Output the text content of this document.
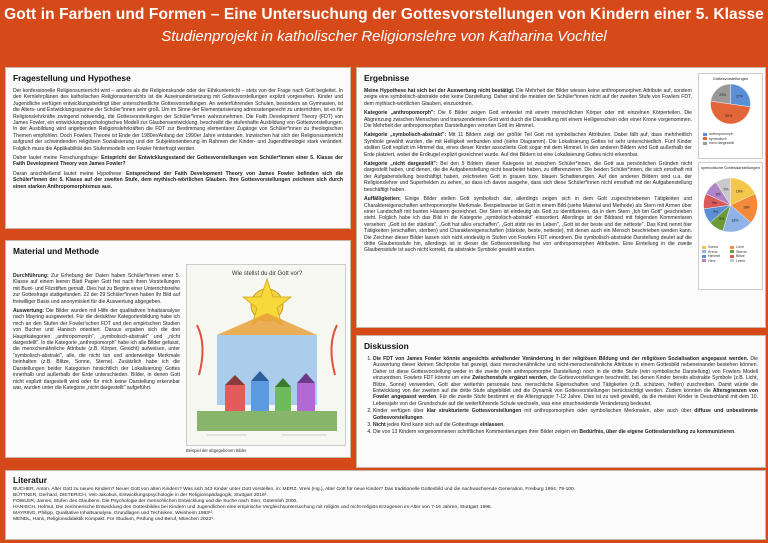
Gott in Farben und Formen – Eine Untersuchung der Gottesvorstellungen von Kindern einer 5. Klasse
Studienprojekt in katholischer Religionslehre von Katharina Vochtel
Fragestellung und Hypothese

Der konfessionelle Religionsunterricht wird – anders als die Religionskunde oder der Ethikunterricht – stets von der Frage nach Gott begleitet. In den Kernlehrplänen des katholischen Religionsunterrichts ist die Auseinandersetzung mit Gottesvorstellungen explizit vorgesehen. Kinder und Jugendliche verfügen entwicklungsbedingt über unterschiedliche Gottesvorstellungen. An weiterführenden Schulen, besonders an Gymnasien, ist die Alters- und Entwicklungsspanne der Schüler*innen sehr groß. Um im Sinne der Elementarisierung adressatengerecht zu unterrichten, ist es für Religionslehrkräfte zwingend notwendig, die Gottesvorstellungen der Schüler*innen wahrzunehmen. Die Faith Development Theory (FDT) von James Fowler, ein entwicklungspsychologisches Modell zur Glaubensentwicklung, beschreibt die stufenhafte Ausbildung von Gottesvorstellungen. In der Ausbildung wird angehenden Religionslehrkräften die FDT zur Bestimmung elementarer Zugänge von Schüler*innen zu theologischen Themen empfohlen. Doch Fowlers Theorie ist Ende der 1980er/Anfang der 1990er Jahre entstanden. Inzwischen hat sich der Religionsunterricht aufgrund der schwindenden religiösen Sozialisierung und der Subjektorientierung im Rahmen der Kinder- und Jugendtheologie stark verändert. Folglich muss die Applikabilität des Stufenmodells von Fowler hinterfragt werden.

Daher lautet meine Forschungsfrage: Entspricht der Entwicklungsstand der Gottesvorstellungen von Schüler*innen einer 5. Klasse der Faith Development Theory von James Fowler?

Daran anschließend lautet meine Hypothese: Entsprechend der Faith Development Theory von James Fowler befinden sich die Schüler*innen der 5. Klasse auf der zweiten Stufe, dem mythisch-wörtlichen Glauben. Ihre Gottesvorstellungen zeichnen sich durch einen starken Anthropomorphismus aus.

Material und Methode

Durchführung: Zur Erhebung der Daten haben Schüler*innen einer 5. Klasse auf einem leeren Blatt Papier Gott frei nach ihren Vorstellungen mit Bunt- und Filzstiften gemalt. Dies hat zu Beginn einer Unterrichtsreihe zur Gottesfrage stattgefunden. 22 der 29 Schüler*innen haben ihr Bild auf freiwilliger Basis und anonymisiert für die Auswertung abgegeben.

Auswertung: Die Bilder wurden mit Hilfe der qualitativen Inhaltsanalyse nach Mayring ausgewertet. Für die deduktive Kategorienbildung habe ich mich an den Stufen der Fowler'schen FDT und den empirischen Studien von Bucher und Hanisch orientiert. Daraus ergaben sich die drei Hauptkategorien „anthropomorph", „symbolisch-abstrakt" und „nicht dargestellt". In die Kategorie „anthropomorph" habe ich alle Bilder gefasst, die menschenähnliche Attribute (z.B. Körper, Gesicht) aufweisen, unter "symbolisch-abstrakt", alle, die nicht tun und anderweitige Merkmale beinhalten (z.B. Blitze, Sonne, Sterne). Zusätzlich habe ich die Darstellungen beider Kategorien hinsichtlich der Lokalisierung Gottes innerhalb und außerhalb der Erde unterschieden. Bilder, in denen Gott nicht explizit dargestellt wird oder für mich keine Darstellung erkennbar war, wurden unter die Kategorie „nicht dargestellt" aufgeführt.

Wie stellst du dir Gott vor?
Beispiel der abgegebenen Bilder
Ergebnisse

Meine Hypothese hat sich bei der Auswertung nicht bestätigt. Die Mehrheit der Bilder wiesen keine anthropomorphen Attribute auf, sondern zeigte eine symbolisch-abstrakte oder keine Darstellung. Daher sind die meisten der Schüler*innen nicht auf der zweiten Stufe von Fowlers FDT, dem mythisch-wörtlichen Glauben, einzuordnen.

Kategorie „anthropomorph": Die 6 Bilder zeigen Gott entweder mit einem menschlichen Körper oder mit einzelnen Körperteilen. Die Abgrenzung zwischen Menschen und transzendentem Gott wird durch die Darstellung mit einem Heiligenschein oder einer Krone vorgenommen. Die Mehrheit der anthropomorphen Darstellungen verorten Gott im Himmel.

Kategorie „symbolisch-abstrakt": Mit 11 Bildern zeigt der größte Teil Gott mit symbolischen Attributen. Dabei fällt auf, dass mehrheitlich Symbole gewählt wurden, die mit Helligkeit verbunden sind (siehe Diagramm). Die Lokalisierung Gottes ist sehr unterschiedlich. Fünf Kinder stellten Gott explizit im Himmel dar, eines dieser Kinder assoziierte Gott sogar mit dem Himmel. In den anderen Bildern wird Gott außerhalb der Erde platziert, wobei die Erdkugel explizit gezeichnet wurde. Auf drei Bildern ist eine Lokalisierung Gottes nicht erkennbar.

Kategorie „nicht dargestellt": Bei den 5 Bildern dieser Kategorie ist zwischen Schüler*innen, die Gott aus persönlichen Gründen nicht dargestellt haben, und denen, die die Aufgabenstellung nicht bearbeitet haben, zu differenzieren. Die beiden Schüler*innen, die sich ernsthaft mit der Aufgabenstellung beschäftigt haben, zeichneten Gott in grauen bzw. blauen Schattierungen. Auf den anderen Bildern sind u.a. der Religionslehrer und Superhelden zu sehen, so dass ich davon ausgehe, dass sich diese Schüler*innen nicht ernsthaft mit der Aufgabenstellung beschäftigt haben.

Auffälligkeiten: Einige Bilder stellen Gott symbolisch dar, allerdings zeigen sich in dem Gott zugeschriebenen Tätigkeiten und Charaktereigenschaften anthropomorphe Merkmale. Beispielsweise ist Gott in einem Bild (siehe Material und Methode) als Stern mit Armen über einer Landschaft mit bunten Häusern gezeichnet. Der Stern ist eindeutig als Gott zu identifizieren, da in dem Stern „Ich bin Gott" geschrieben steht. Folglich habe ich das Bild in die Kategorie „symbolisch-abstrakt" einsortiert. Allerdings ist der Bildrand mit folgenden Kommentaren versehen: „Gott ist der stärkste", „Gott hat alles erschaffen", „Gott stirbt nie im Leben", „Gott ist der beste und der netteste". Das Kind nennt hier Tätigkeiten (erschaffen, sterben) und Charaktereigenschaften (stärkste, beste, netteste), mit denen auch ein Mensch beschrieben werden kann. Die Zeichner dieser Bilder lassen sich nicht eindeutig in Stufen von Fowlers FDT einordnen. Die symbolisch-abstrakte Darstellung deutet auf die dritte Glaubensstufe hin, allerdings ist in dieser die Gottesvorstellung frei von anthropomorphen Attributen. Eine Einteilung in die zweite Glaubensstufe ist auch nicht korrekt, da abstrakte Symbole gewählt wurden.

Gottesvorstellungen
27%
50%
23%
anthropomorph
symbolisch
nicht dargestellt
symbolische Gottesdarstellungen
18%
18%
18%
9%
9%
9%
9%
9%
Sonne	Licht
Kreuz	Sterne
Himmel	Blitze
Herz	Leere
Diskussion
1. Die FDT von James Fowler könnte angesichts anhaltender Veränderung in der religiösen Bildung und der religiösen Sozialisation angepasst werden. Die Auswertung dieser kleinen Stichprobe hat gezeigt, dass menschenähnliche und nicht-menschenähnliche Attribute in einem Gottesbild nebeneinander bestehen können. Daher ist diese Gottesvorstellung weder in die zweite (rein anthropomorphe Darstellung) noch in die dritte Stufe (rein symbolische Darstellung) von Fowlers Modell einzuordnen. Fowlers FDT könnte um eine Zwischenstufe ergänzt werden, die Gottesvorstellungen beschreibt, bei denen Kinder bereits abstrakte Symbole (z.B. Licht, Blitze, Sonne) verwenden, Gott aber weiterhin personale bzw. menschliche Eigenschaften und Tätigkeiten (z.B. schützen, helfen) zuschreiben. Damit würde die Entwicklung von der zweiten auf die dritte Stufe abgebildet und die Dynamik von Gottesvorstellungen berücksichtigt werden. Zudem könnten die Altersgrenzen von Fowler angepasst werden. Für die zweite Stufe bestimmt er die Altersgruppe 7-12 Jahre. Dies ist zu weit gewählt, da die meisten Kinder in Deutschland mit dem 10. Lebensjahr von der Grundschule auf die weiterführende Schule wechseln, was eine einschneidende Veränderung bedeutet.
2. Kinder verfügen über klar strukturierte Gottesvorstellungen mit anthropomorphen oder symbolischen Merkmalen, aber auch über diffuse und unbestimmte Gottesvorstellungen.
3. Nicht jedes Kind kann sich auf die Gottesfrage einlassen.
4. Die von 13 Kindern vorgenommenen schriftlichen Kommentierungen ihrer Bilder zeigen ein Bedürfnis, über die eigene Gottesdarstellung zu kommunizieren.
Literatur
BUCHER, Anton, Alter Gott zu neuen Kindern? Neuer Gott von alten Kindern? Was sich 343 Kinder unter Gott vorstellen, in: MERZ, Vreni (Hg.), Alter Gott für neue Kinder? Das traditionelle Gottesbild und die nachwachsende Generation, Freiburg 1994, 79-100.
BÜTTNER, Gerhard, DIETERICH, Veit-Jakobus, Entwicklungspsychologie in der Religionspädagogik, Stuttgart 2016².
FOWLER, James, Stufen des Glaubens. Die Psychologie der menschlichen Entwicklung und die Suche nach Sinn, Gütersloh 2000.
HANISCH, Helmut, Die zeichnerische Entwicklung des Gottesbildes bei Kindern und Jugendlichen eine empirische Vergleichsuntersuchung mit religiös und nicht-religiös Erzogenen im Alter von 7-16 Jahren, Stuttgart 1996.
MAYRING, Philipp, Qualitative Inhaltsanalyse. Grundlagen und Techniken, Weinheim 1983¹².
MENDL, Hans, Religionsdidaktik Kompakt. Für Studium, Prüfung und Beruf, München 2022⁹.
